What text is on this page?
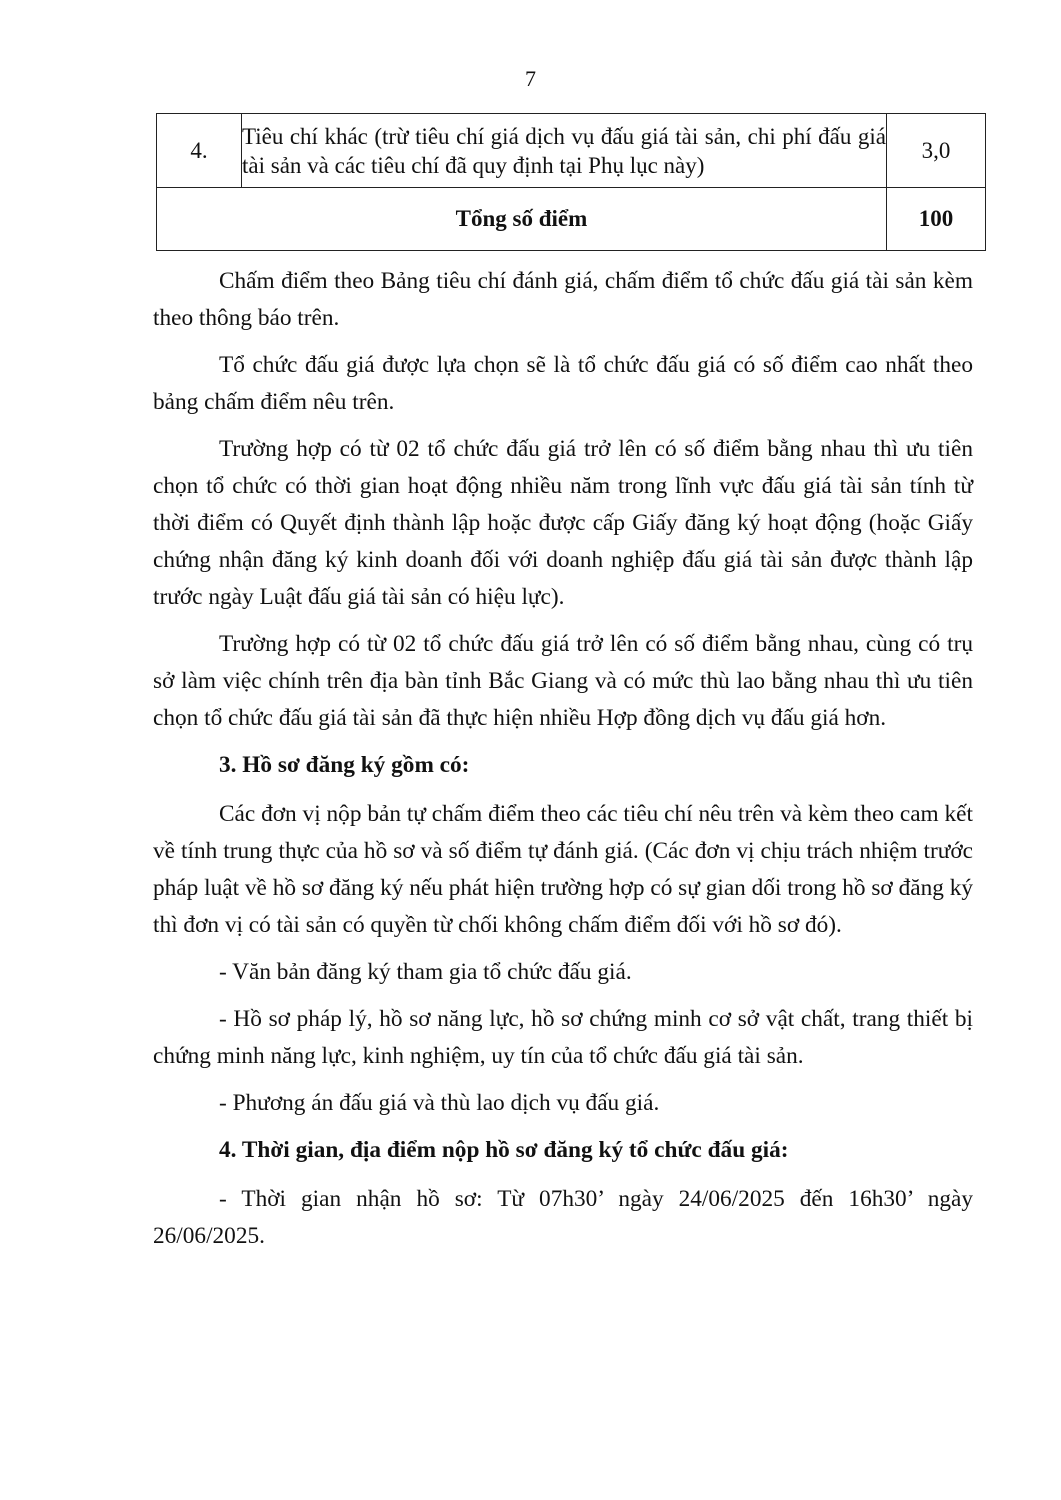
7
4.	Tiêu chí khác (trừ tiêu chí giá dịch vụ đấu giá tài sản, chi phí đấu giá tài sản và các tiêu chí đã quy định tại Phụ lục này)	3,0
Tổng số điểm		100

Chấm điểm theo Bảng tiêu chí đánh giá, chấm điểm tổ chức đấu giá tài sản kèm theo thông báo trên.

Tổ chức đấu giá được lựa chọn sẽ là tổ chức đấu giá có số điểm cao nhất theo bảng chấm điểm nêu trên.

Trường hợp có từ 02 tổ chức đấu giá trở lên có số điểm bằng nhau thì ưu tiên chọn tổ chức có thời gian hoạt động nhiều năm trong lĩnh vực đấu giá tài sản tính từ thời điểm có Quyết định thành lập hoặc được cấp Giấy đăng ký hoạt động (hoặc Giấy chứng nhận đăng ký kinh doanh đối với doanh nghiệp đấu giá tài sản được thành lập trước ngày Luật đấu giá tài sản có hiệu lực).

Trường hợp có từ 02 tổ chức đấu giá trở lên có số điểm bằng nhau, cùng có trụ sở làm việc chính trên địa bàn tỉnh Bắc Giang và có mức thù lao bằng nhau thì ưu tiên chọn tổ chức đấu giá tài sản đã thực hiện nhiều Hợp đồng dịch vụ đấu giá hơn.

3. Hồ sơ đăng ký gồm có:

Các đơn vị nộp bản tự chấm điểm theo các tiêu chí nêu trên và kèm theo cam kết về tính trung thực của hồ sơ và số điểm tự đánh giá. (Các đơn vị chịu trách nhiệm trước pháp luật về hồ sơ đăng ký nếu phát hiện trường hợp có sự gian dối trong hồ sơ đăng ký thì đơn vị có tài sản có quyền từ chối không chấm điểm đối với hồ sơ đó).

- Văn bản đăng ký tham gia tổ chức đấu giá.

- Hồ sơ pháp lý, hồ sơ năng lực, hồ sơ chứng minh cơ sở vật chất, trang thiết bị chứng minh năng lực, kinh nghiệm, uy tín của tổ chức đấu giá tài sản.

- Phương án đấu giá và thù lao dịch vụ đấu giá.

4. Thời gian, địa điểm nộp hồ sơ đăng ký tổ chức đấu giá:

- Thời gian nhận hồ sơ: Từ 07h30’ ngày 24/06/2025 đến 16h30’ ngày 26/06/2025.
